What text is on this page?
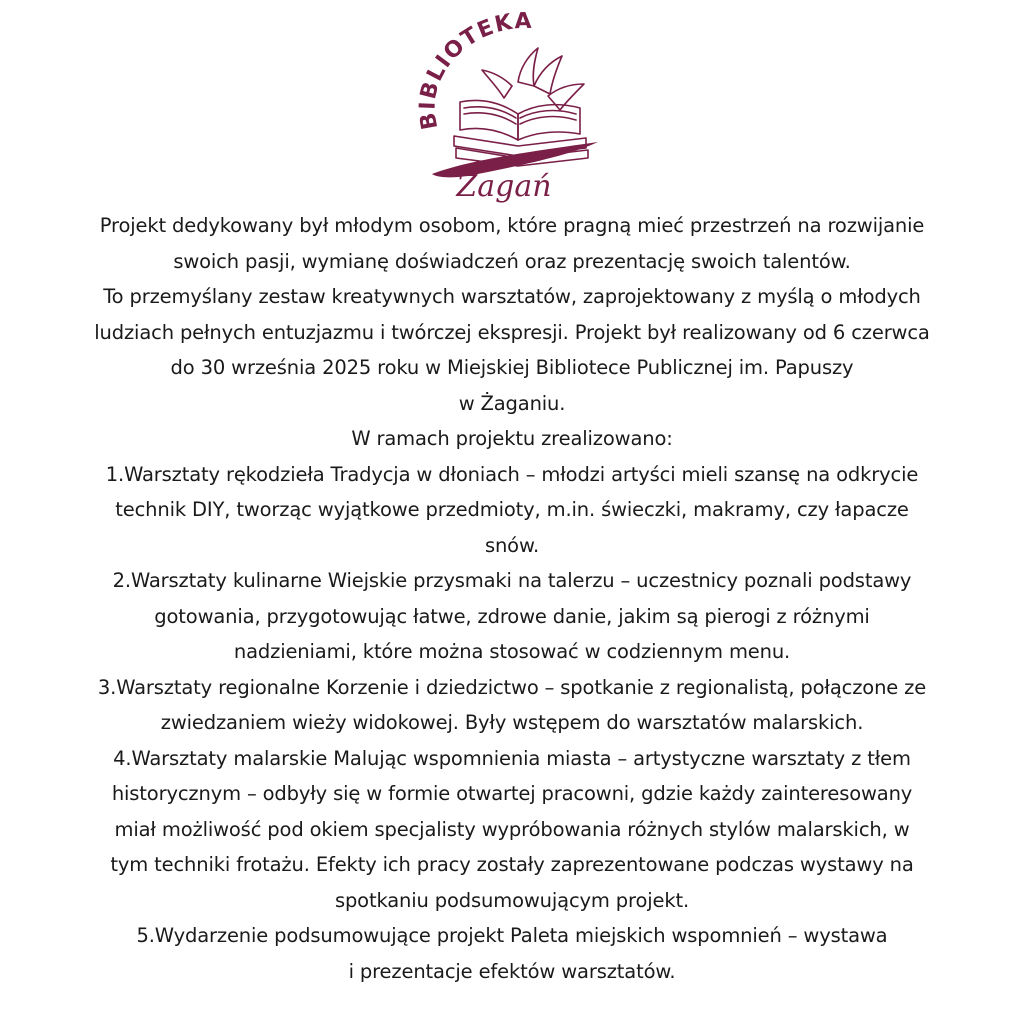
BIBLIOTEKA
Żagań

Projekt dedykowany był młodym osobom, które pragną mieć przestrzeń na rozwijanie
swoich pasji, wymianę doświadczeń oraz prezentację swoich talentów.

To przemyślany zestaw kreatywnych warsztatów, zaprojektowany z myślą o młodych
ludziach pełnych entuzjazmu i twórczej ekspresji. Projekt był realizowany od 6 czerwca
do 30 września 2025 roku w Miejskiej Bibliotece Publicznej im. Papuszy
w Żaganiu.

W ramach projektu zrealizowano:

1.Warsztaty rękodzieła Tradycja w dłoniach – młodzi artyści mieli szansę na odkrycie
technik DIY, tworząc wyjątkowe przedmioty, m.in. świeczki, makramy, czy łapacze
snów.

2.Warsztaty kulinarne Wiejskie przysmaki na talerzu – uczestnicy poznali podstawy
gotowania, przygotowując łatwe, zdrowe danie, jakim są pierogi z różnymi
nadzieniami, które można stosować w codziennym menu.

3.Warsztaty regionalne Korzenie i dziedzictwo – spotkanie z regionalistą, połączone ze
zwiedzaniem wieży widokowej. Były wstępem do warsztatów malarskich.

4.Warsztaty malarskie Malując wspomnienia miasta – artystyczne warsztaty z tłem
historycznym – odbyły się w formie otwartej pracowni, gdzie każdy zainteresowany
miał możliwość pod okiem specjalisty wypróbowania różnych stylów malarskich, w
tym techniki frotażu. Efekty ich pracy zostały zaprezentowane podczas wystawy na
spotkaniu podsumowującym projekt.

5.Wydarzenie podsumowujące projekt Paleta miejskich wspomnień – wystawa
i prezentacje efektów warsztatów.
